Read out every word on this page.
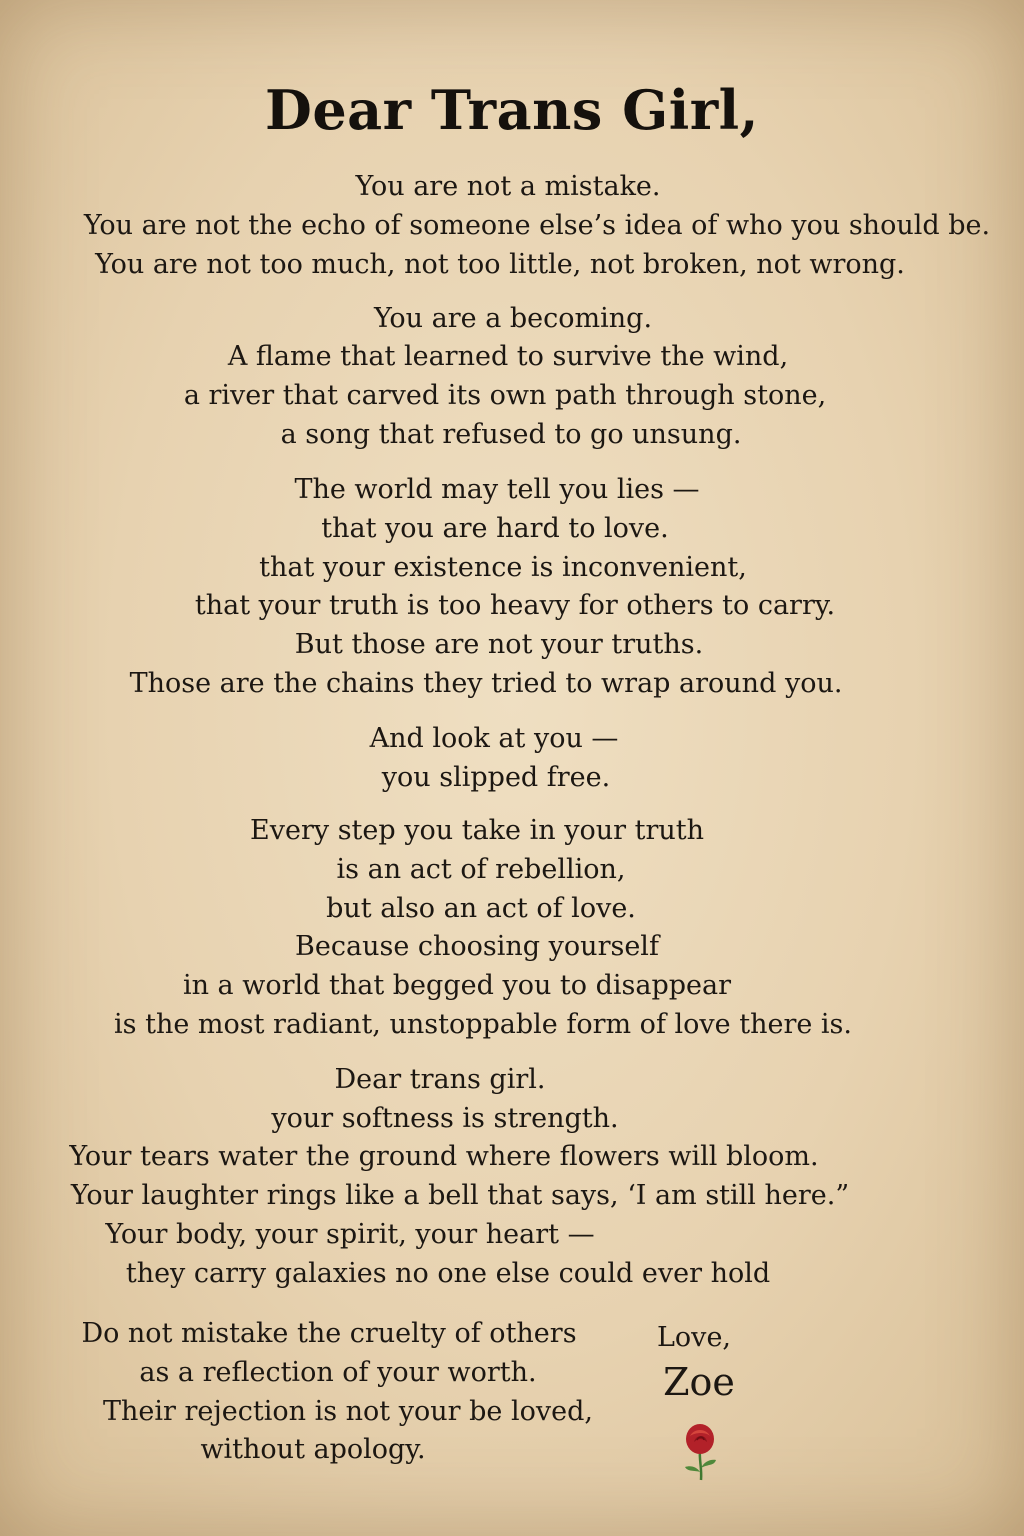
Dear Trans Girl,
You are not a mistake.
You are not the echo of someone else’s idea of who you should be.
You are not too much, not too little, not broken, not wrong.
You are a becoming.
A flame that learned to survive the wind,
a river that carved its own path through stone,
a song that refused to go unsung.
The world may tell you lies —
that you are hard to love.
that your existence is inconvenient,
that your truth is too heavy for others to carry.
But those are not your truths.
Those are the chains they tried to wrap around you.
And look at you —
you slipped free.
Every step you take in your truth
is an act of rebellion,
but also an act of love.
Because choosing yourself
in a world that begged you to disappear
is the most radiant, unstoppable form of love there is.
Dear trans girl.
your softness is strength.
Your tears water the ground where flowers will bloom.
Your laughter rings like a bell that says, ‘I am still here.”
Your body, your spirit, your heart —
they carry galaxies no one else could ever hold
Do not mistake the cruelty of others
as a reflection of your worth.
Their rejection is not your be loved,
without apology.
Love,
Zoe
